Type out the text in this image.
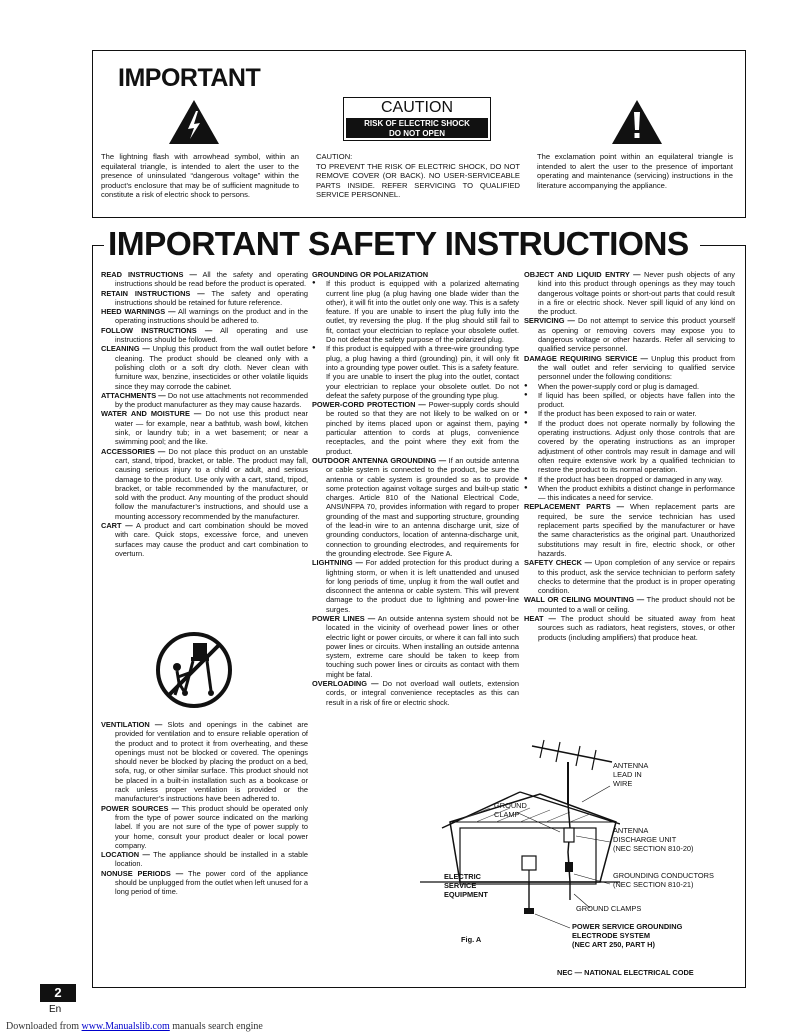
IMPORTANT
CAUTION
RISK OF ELECTRIC SHOCK
DO NOT OPEN
The lightning flash with arrowhead symbol, within an equilateral triangle, is intended to alert the user to the presence of uninsulated “dangerous voltage” within the product’s enclosure that may be of sufficient magnitude to constitute a risk of electric shock to persons.
CAUTION:
TO PREVENT THE RISK OF ELECTRIC SHOCK, DO NOT REMOVE COVER (OR BACK). NO USER-SERVICEABLE PARTS INSIDE. REFER SERVICING TO QUALIFIED SERVICE PERSONNEL.
The exclamation point within an equilateral triangle is intended to alert the user to the presence of important operating and maintenance (servicing) instructions in the literature accompanying the appliance.
IMPORTANT SAFETY INSTRUCTIONS

READ INSTRUCTIONS — All the safety and operating instructions should be read before the product is operated.

RETAIN INSTRUCTIONS — The safety and operating instructions should be retained for future reference.

HEED WARNINGS — All warnings on the product and in the operating instructions should be adhered to.

FOLLOW INSTRUCTIONS — All operating and use instructions should be followed.

CLEANING — Unplug this product from the wall outlet before cleaning. The product should be cleaned only with a polishing cloth or a soft dry cloth. Never clean with furniture wax, benzine, insecticides or other volatile liquids since they may corrode the cabinet.

ATTACHMENTS — Do not use attachments not recommended by the product manufacturer as they may cause hazards.

WATER AND MOISTURE — Do not use this product near water — for example, near a bathtub, wash bowl, kitchen sink, or laundry tub; in a wet basement; or near a swimming pool; and the like.

ACCESSORIES — Do not place this product on an unstable cart, stand, tripod, bracket, or table. The product may fall, causing serious injury to a child or adult, and serious damage to the product. Use only with a cart, stand, tripod, bracket, or table recommended by the manufacturer, or sold with the product. Any mounting of the product should follow the manufacturer’s instructions, and should use a mounting accessory recommended by the manufacturer.

CART — A product and cart combination should be moved with care. Quick stops, excessive force, and uneven surfaces may cause the product and cart combination to overturn.

VENTILATION — Slots and openings in the cabinet are provided for ventilation and to ensure reliable operation of the product and to protect it from overheating, and these openings must not be blocked or covered. The openings should never be blocked by placing the product on a bed, sofa, rug, or other similar surface. This product should not be placed in a built-in installation such as a bookcase or rack unless proper ventilation is provided or the manufacturer’s instructions have been adhered to.

POWER SOURCES — This product should be operated only from the type of power source indicated on the marking label. If you are not sure of the type of power supply to your home, consult your product dealer or local power company.

LOCATION — The appliance should be installed in a stable location.

NONUSE PERIODS — The power cord of the appliance should be unplugged from the outlet when left unused for a long period of time.

GROUNDING OR POLARIZATION

● If this product is equipped with a polarized alternating current line plug (a plug having one blade wider than the other), it will fit into the outlet only one way. This is a safety feature. If you are unable to insert the plug fully into the outlet, try reversing the plug. If the plug should still fail to fit, contact your electrician to replace your obsolete outlet. Do not defeat the safety purpose of the polarized plug.

● If this product is equipped with a three-wire grounding type plug, a plug having a third (grounding) pin, it will only fit into a grounding type power outlet. This is a safety feature. If you are unable to insert the plug into the outlet, contact your electrician to replace your obsolete outlet. Do not defeat the safety purpose of the grounding type plug.

POWER-CORD PROTECTION — Power-supply cords should be routed so that they are not likely to be walked on or pinched by items placed upon or against them, paying particular attention to cords at plugs, convenience receptacles, and the point where they exit from the product.

OUTDOOR ANTENNA GROUNDING — If an outside antenna or cable system is connected to the product, be sure the antenna or cable system is grounded so as to provide some protection against voltage surges and built-up static charges. Article 810 of the National Electrical Code, ANSI/NFPA 70, provides information with regard to proper grounding of the mast and supporting structure, grounding of the lead-in wire to an antenna discharge unit, size of grounding conductors, location of antenna-discharge unit, connection to grounding electrodes, and requirements for the grounding electrode. See Figure A.

LIGHTNING — For added protection for this product during a lightning storm, or when it is left unattended and unused for long periods of time, unplug it from the wall outlet and disconnect the antenna or cable system. This will prevent damage to the product due to lightning and power-line surges.

POWER LINES — An outside antenna system should not be located in the vicinity of overhead power lines or other electric light or power circuits, or where it can fall into such power lines or circuits. When installing an outside antenna system, extreme care should be taken to keep from touching such power lines or circuits as contact with them might be fatal.

OVERLOADING — Do not overload wall outlets, extension cords, or integral convenience receptacles as this can result in a risk of fire or electric shock.

OBJECT AND LIQUID ENTRY — Never push objects of any kind into this product through openings as they may touch dangerous voltage points or short-out parts that could result in a fire or electric shock. Never spill liquid of any kind on the product.

SERVICING — Do not attempt to service this product yourself as opening or removing covers may expose you to dangerous voltage or other hazards. Refer all servicing to qualified service personnel.

DAMAGE REQUIRING SERVICE — Unplug this product from the wall outlet and refer servicing to qualified service personnel under the following conditions:

● When the power-supply cord or plug is damaged.

● If liquid has been spilled, or objects have fallen into the product.

● If the product has been exposed to rain or water.

● If the product does not operate normally by following the operating instructions. Adjust only those controls that are covered by the operating instructions as an improper adjustment of other controls may result in damage and will often require extensive work by a qualified technician to restore the product to its normal operation.

● If the product has been dropped or damaged in any way.

● When the product exhibits a distinct change in performance — this indicates a need for service.

REPLACEMENT PARTS — When replacement parts are required, be sure the service technician has used replacement parts specified by the manufacturer or have the same characteristics as the original part. Unauthorized substitutions may result in fire, electric shock, or other hazards.

SAFETY CHECK — Upon completion of any service or repairs to this product, ask the service technician to perform safety checks to determine that the product is in proper operating condition.

WALL OR CEILING MOUNTING — The product should not be mounted to a wall or ceiling.

HEAT — The product should be situated away from heat sources such as radiators, heat registers, stoves, or other products (including amplifiers) that produce heat.

ANTENNA
LEAD IN
WIRE
GROUND
CLAMP
ANTENNA
DISCHARGE UNIT
(NEC SECTION 810-20)
ELECTRIC
SERVICE
EQUIPMENT
GROUNDING CONDUCTORS
(NEC SECTION 810-21)
GROUND CLAMPS
POWER SERVICE GROUNDING
ELECTRODE SYSTEM
(NEC ART 250, PART H)
Fig. A
NEC — NATIONAL ELECTRICAL CODE
2
En
Downloaded from www.Manualslib.com manuals search engine
